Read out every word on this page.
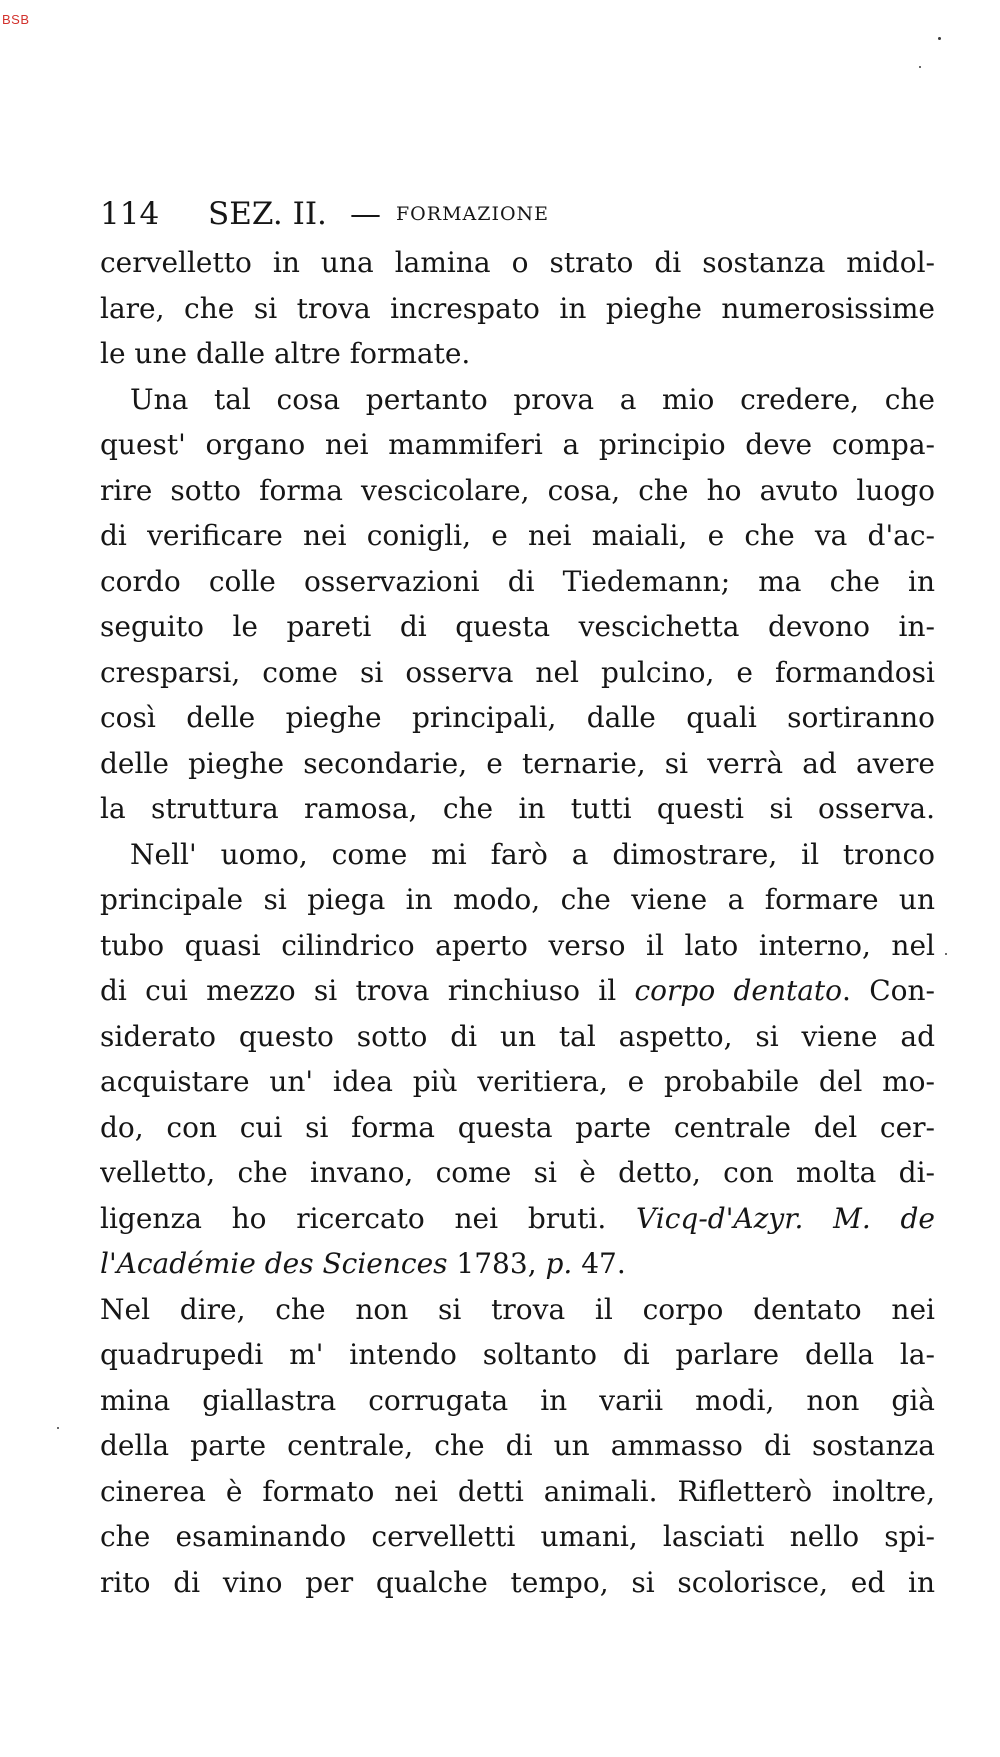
BSB
114 SEZ. II. — FORMAZIONE
cervelletto in una lamina o strato di sostanza midol-
lare, che si trova increspato in pieghe numerosissime
le une dalle altre formate.
Una tal cosa pertanto prova a mio credere, che
quest' organo nei mammiferi a principio deve compa-
rire sotto forma vescicolare, cosa, che ho avuto luogo
di verificare nei conigli, e nei maiali, e che va d'ac-
cordo colle osservazioni di Tiedemann; ma che in
seguito le pareti di questa vescichetta devono in-
cresparsi, come si osserva nel pulcino, e formandosi
così delle pieghe principali, dalle quali sortiranno
delle pieghe secondarie, e ternarie, si verrà ad avere
la struttura ramosa, che in tutti questi si osserva.
Nell' uomo, come mi farò a dimostrare, il tronco
principale si piega in modo, che viene a formare un
tubo quasi cilindrico aperto verso il lato interno, nel
di cui mezzo si trova rinchiuso il corpo dentato. Con-
siderato questo sotto di un tal aspetto, si viene ad
acquistare un' idea più veritiera, e probabile del mo-
do, con cui si forma questa parte centrale del cer-
velletto, che invano, come si è detto, con molta di-
ligenza ho ricercato nei bruti. Vicq-d'Azyr. M. de
l'Académie des Sciences 1783, p. 47.
Nel dire, che non si trova il corpo dentato nei
quadrupedi m' intendo soltanto di parlare della la-
mina giallastra corrugata in varii modi, non già
della parte centrale, che di un ammasso di sostanza
cinerea è formato nei detti animali. Rifletterò inoltre,
che esaminando cervelletti umani, lasciati nello spi-
rito di vino per qualche tempo, si scolorisce, ed in
